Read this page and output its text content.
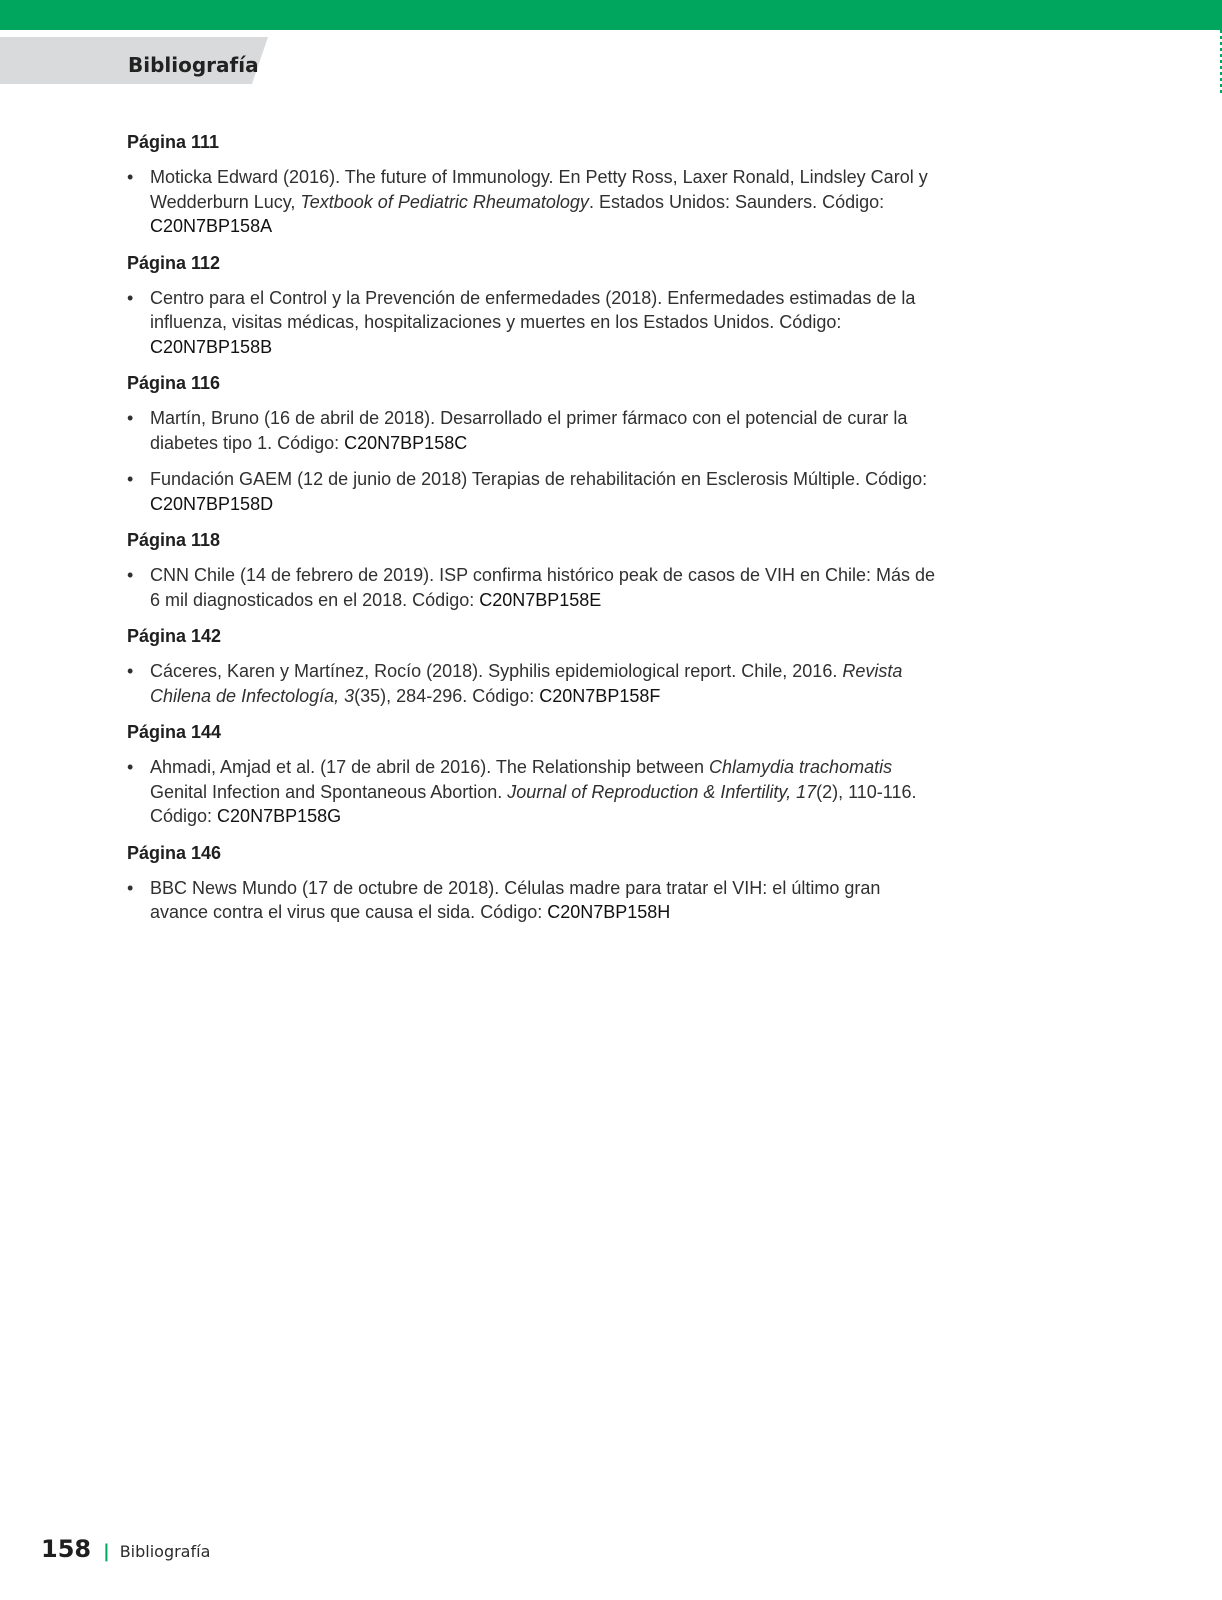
Bibliografía
Página 111
• Moticka Edward (2016). The future of Immunology. En Petty Ross, Laxer Ronald, Lindsley Carol y Wedderburn Lucy, Textbook of Pediatric Rheumatology. Estados Unidos: Saunders. Código: C20N7BP158A
Página 112
• Centro para el Control y la Prevención de enfermedades (2018). Enfermedades estimadas de la influenza, visitas médicas, hospitalizaciones y muertes en los Estados Unidos. Código: C20N7BP158B
Página 116
• Martín, Bruno (16 de abril de 2018). Desarrollado el primer fármaco con el potencial de curar la diabetes tipo 1. Código: C20N7BP158C
• Fundación GAEM (12 de junio de 2018) Terapias de rehabilitación en Esclerosis Múltiple. Código: C20N7BP158D
Página 118
• CNN Chile (14 de febrero de 2019). ISP confirma histórico peak de casos de VIH en Chile: Más de 6 mil diagnosticados en el 2018. Código: C20N7BP158E
Página 142
• Cáceres, Karen y Martínez, Rocío (2018). Syphilis epidemiological report. Chile, 2016. Revista Chilena de Infectología, 3(35), 284-296. Código: C20N7BP158F
Página 144
• Ahmadi, Amjad et al. (17 de abril de 2016). The Relationship between Chlamydia trachomatis Genital Infection and Spontaneous Abortion. Journal of Reproduction & Infertility, 17(2), 110-116. Código: C20N7BP158G
Página 146
• BBC News Mundo (17 de octubre de 2018). Células madre para tratar el VIH: el último gran avance contra el virus que causa el sida. Código: C20N7BP158H
158 | Bibliografía
